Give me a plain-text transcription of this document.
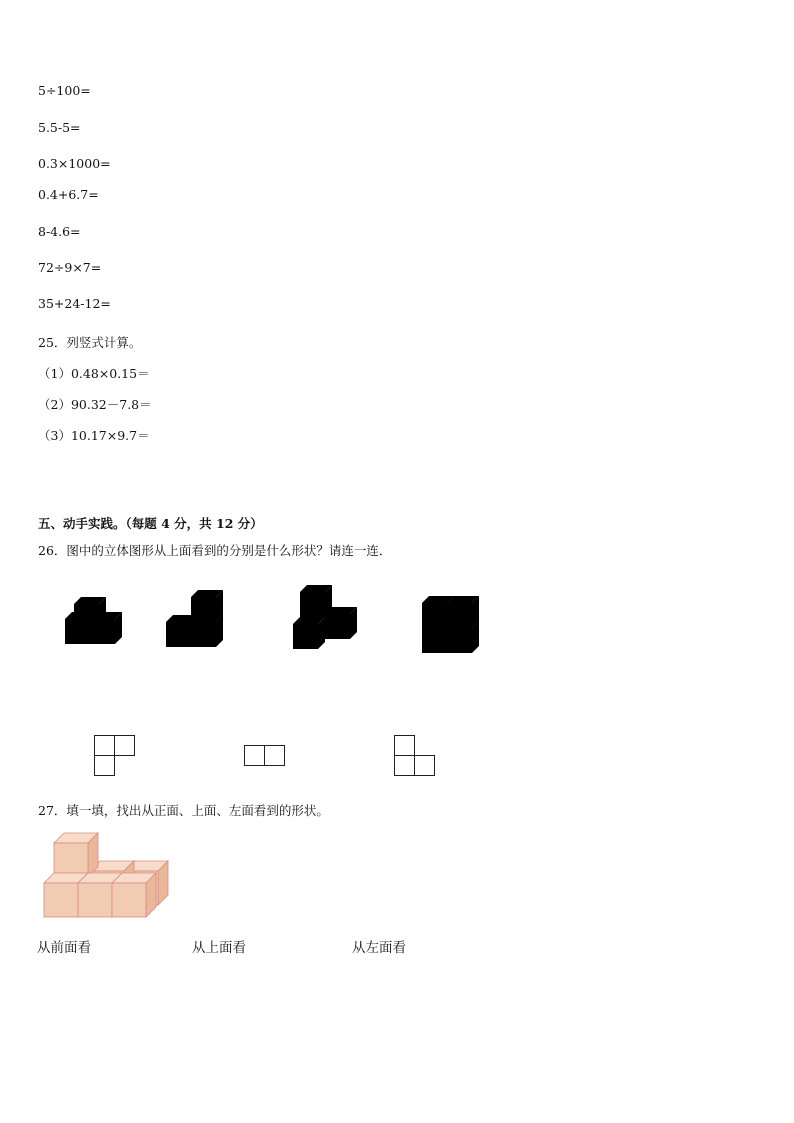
5÷100=
5.5-5=
0.3×1000=
0.4+6.7=
8-4.6=
72÷9×7=
35+24-12=
25．列竖式计算。
（1）0.48×0.15＝
（2）90.32－7.8＝
（3）10.17×9.7＝
五、动手实践。（每题 4 分，共 12 分）
26．图中的立体图形从上面看到的分别是什么形状？请连一连．
27．填一填，找出从正面、上面、左面看到的形状。
从前面看	从上面看	从左面看
